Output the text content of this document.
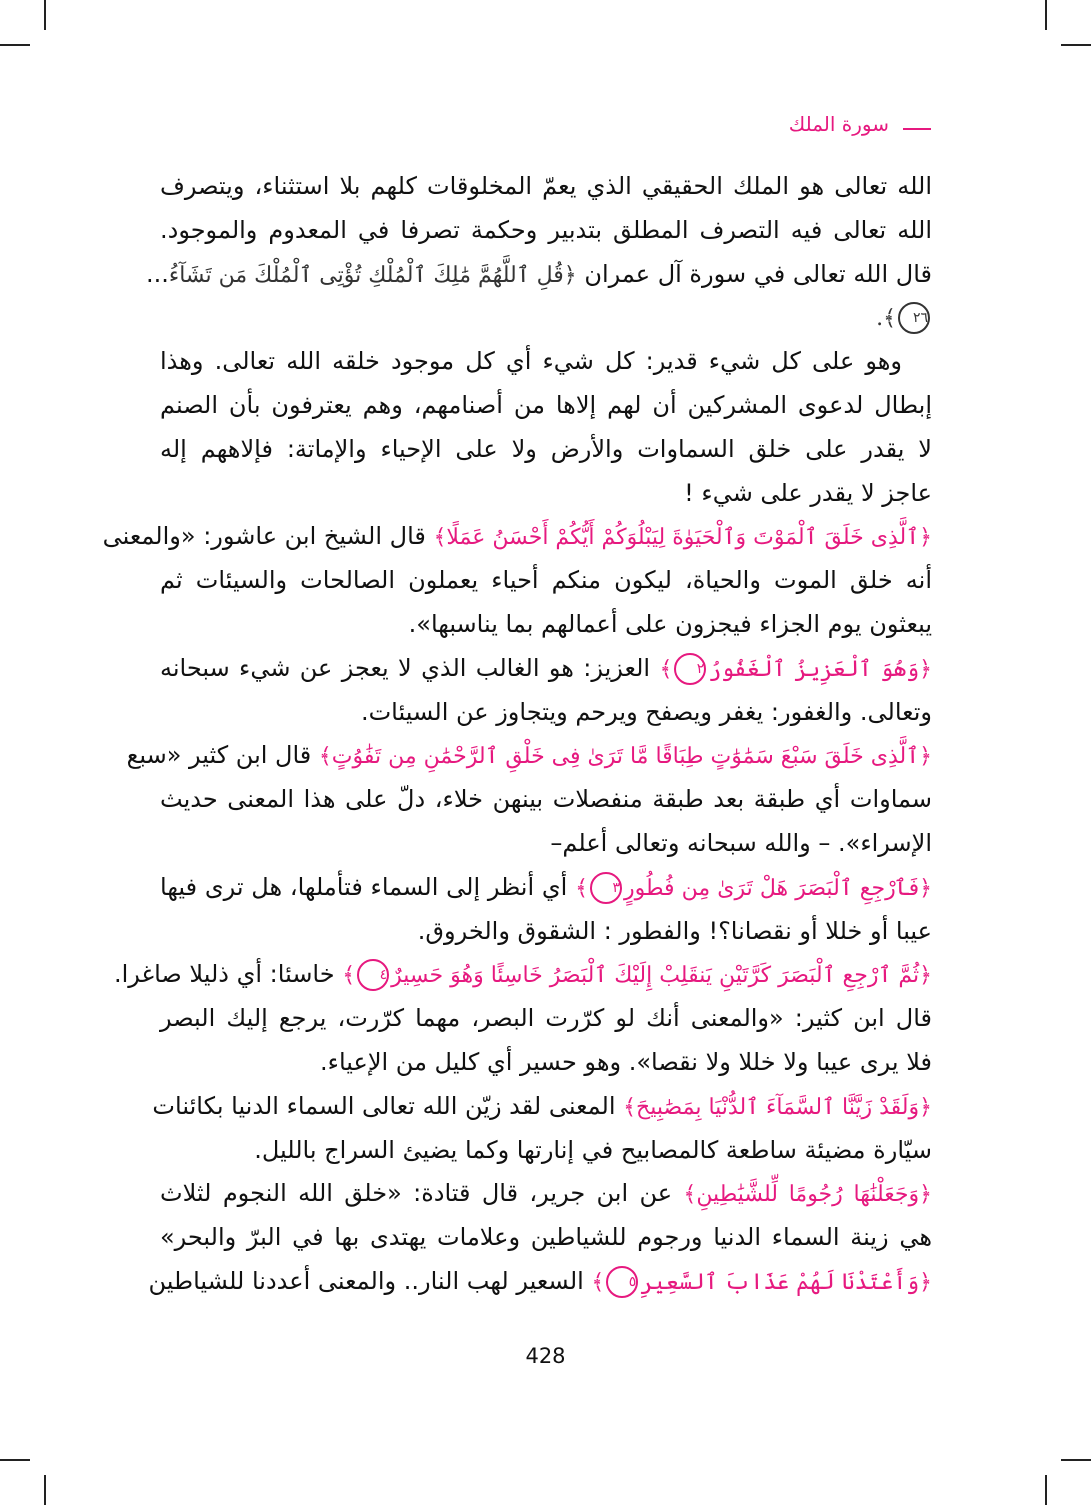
سورة الملك
الله تعالى هو الملك الحقيقي الذي يعمّ المخلوقات كلهم بلا استثناء، ويتصرف
الله تعالى فيه التصرف المطلق بتدبير وحكمة تصرفا في المعدوم والموجود.
قال الله تعالى في سورة آل عمران ﴿قُلِ ٱللَّهُمَّ مَٰلِكَ ٱلْمُلْكِ تُؤْتِى ٱلْمُلْكَ مَن تَشَآءُ...
٢٦﴾.
وهو على كل شيء قدير: كل شيء أي كل موجود خلقه الله تعالى. وهذا
إبطال لدعوى المشركين أن لهم إلاها من أصنامهم، وهم يعترفون بأن الصنم
لا يقدر على خلق السماوات والأرض ولا على الإحياء والإماتة: فإلاههم إله
عاجز لا يقدر على شيء !
﴿ٱلَّذِى خَلَقَ ٱلْمَوْتَ وَٱلْحَيَوٰةَ لِيَبْلُوَكُمْ أَيُّكُمْ أَحْسَنُ عَمَلًا﴾ قال الشيخ ابن عاشور: «والمعنى
أنه خلق الموت والحياة، ليكون منكم أحياء يعملون الصالحات والسيئات ثم
يبعثون يوم الجزاء فيجزون على أعمالهم بما يناسبها».
﴿وَهُوَ ٱلْعَزِيزُ ٱلْغَفُورُ٢﴾ العزيز: هو الغالب الذي لا يعجز عن شيء سبحانه
وتعالى. والغفور: يغفر ويصفح ويرحم ويتجاوز عن السيئات.
﴿ٱلَّذِى خَلَقَ سَبْعَ سَمَٰوَٰتٍ طِبَاقًا مَّا تَرَىٰ فِى خَلْقِ ٱلرَّحْمَٰنِ مِن تَفَٰوُتٍ﴾ قال ابن كثير «سبع
سماوات أي طبقة بعد طبقة منفصلات بينهن خلاء، دلّ على هذا المعنى حديث
الإسراء». – والله سبحانه وتعالى أعلم–
﴿فَٱرْجِعِ ٱلْبَصَرَ هَلْ تَرَىٰ مِن فُطُورٍ٣﴾ أي أنظر إلى السماء فتأملها، هل ترى فيها
عيبا أو خللا أو نقصانا؟! والفطور : الشقوق والخروق.
﴿ثُمَّ ٱرْجِعِ ٱلْبَصَرَ كَرَّتَيْنِ يَنقَلِبْ إِلَيْكَ ٱلْبَصَرُ خَاسِئًا وَهُوَ حَسِيرٌ٤﴾ خاسئا: أي ذليلا صاغرا.
قال ابن كثير: «والمعنى أنك لو كرّرت البصر، مهما كرّرت، يرجع إليك البصر
فلا يرى عيبا ولا خللا ولا نقصا». وهو حسير أي كليل من الإعياء.
﴿وَلَقَدْ زَيَّنَّا ٱلسَّمَآءَ ٱلدُّنْيَا بِمَصَٰبِيحَ﴾ المعنى لقد زيّن الله تعالى السماء الدنيا بكائنات
سيّارة مضيئة ساطعة كالمصابيح في إنارتها وكما يضيئ السراج بالليل.
﴿وَجَعَلْنَٰهَا رُجُومًا لِّلشَّيَٰطِينِ﴾ عن ابن جرير، قال قتادة: «خلق الله النجوم لثلاث
هي زينة السماء الدنيا ورجوم للشياطين وعلامات يهتدى بها في البرّ والبحر»
﴿وَأَعْتَدْنَا لَهُمْ عَذَابَ ٱلسَّعِيرِ٥﴾ السعير لهب النار.. والمعنى أعددنا للشياطين
428
